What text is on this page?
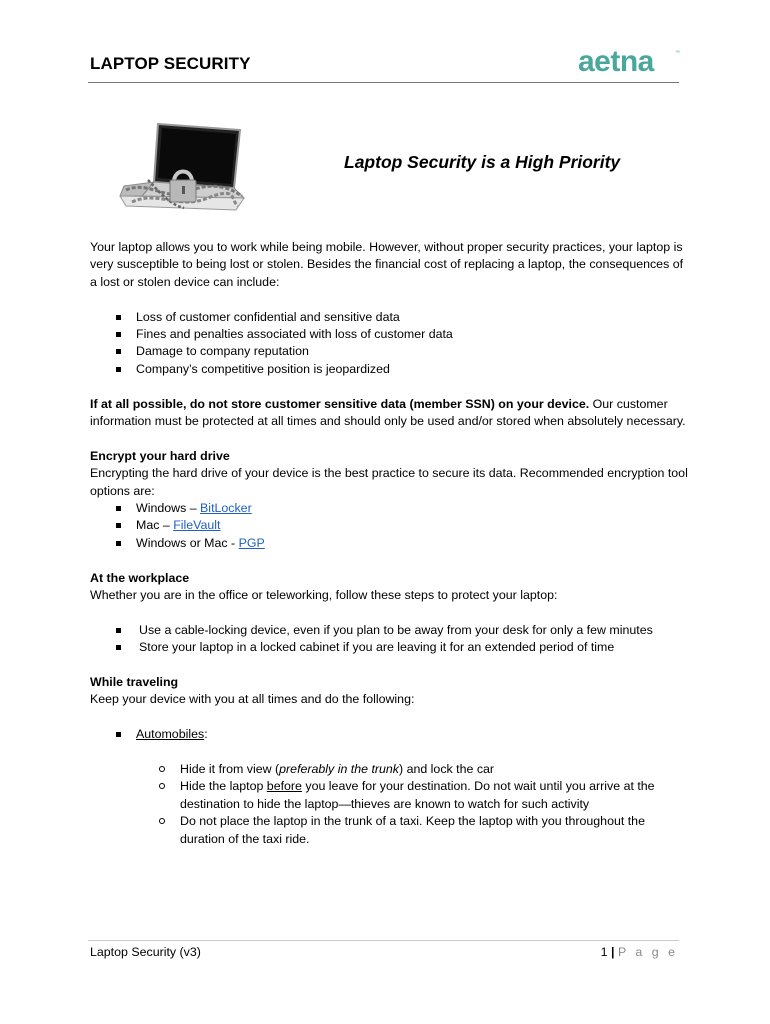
LAPTOP SECURITY	aetna	™
Laptop Security is a High Priority

Your laptop allows you to work while being mobile. However, without proper security practices, your laptop is very susceptible to being lost or stolen. Besides the financial cost of replacing a laptop, the consequences of a lost or stolen device can include:

Loss of customer confidential and sensitive data
Fines and penalties associated with loss of customer data
Damage to company reputation
Company’s competitive position is jeopardized

If at all possible, do not store customer sensitive data (member SSN) on your device. Our customer information must be protected at all times and should only be used and/or stored when absolutely necessary.

Encrypt your hard drive

Encrypting the hard drive of your device is the best practice to secure its data. Recommended encryption tool options are:

Windows – BitLocker
Mac – FileVault
Windows or Mac - PGP

At the workplace

Whether you are in the office or teleworking, follow these steps to protect your laptop:

Use a cable-locking device, even if you plan to be away from your desk for only a few minutes
Store your laptop in a locked cabinet if you are leaving it for an extended period of time

While traveling

Keep your device with you at all times and do the following:

Automobiles:
Hide it from view (preferably in the trunk) and lock the car
Hide the laptop before you leave for your destination. Do not wait until you arrive at the destination to hide the laptop—thieves are known to watch for such activity
Do not place the laptop in the trunk of a taxi. Keep the laptop with you throughout the duration of the taxi ride.
Laptop Security (v3)	1 | P a g e
